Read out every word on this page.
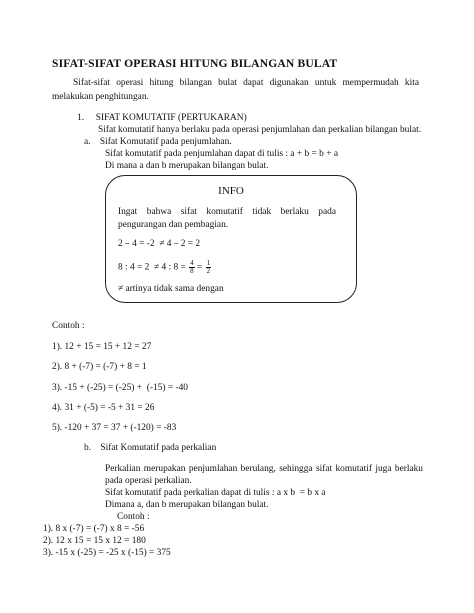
SIFAT-SIFAT OPERASI HITUNG BILANGAN BULAT
Sifat-sifat operasi hitung bilangan bulat dapat digunakan untuk mempermudah kita
melakukan penghitungan.
1.     SIFAT KOMUTATIF (PERTUKARAN)
Sifat komutatif hanya berlaku pada operasi penjumlahan dan perkalian bilangan bulat.
a.    Sifat Komutatif pada penjumlahan.
Sifat komutatif pada penjumlahan dapat di tulis : a + b = b + a
Di mana a dan b merupakan bilangan bulat.
INFO
Ingat bahwa sifat komutatif tidak berlaku pada
pengurangan dan pembagian.
2 – 4 = -2  ≠ 4 – 2 = 2
8 : 4 = 2  ≠ 4 : $8 = \frac{4}{8} = \frac{1}{2}$
≠ artinya tidak sama dengan
Contoh :
1). 12 + 15 = 15 + 12 = 27
2). 8 + (-7) = (-7) + 8 = 1
3). -15 + (-25) = (-25) +  (-15) = -40
4). 31 + (-5) = -5 + 31 = 26
5). -120 + 37 = 37 + (-120) = -83
b.    Sifat Komutatif pada perkalian
Perkalian merupakan penjumlahan berulang, sehingga sifat komutatif juga berlaku
pada operasi perkalian.
Sifat komutatif pada perkalian dapat di tulis : a x b  = b x a
Dimana a, dan b merupakan bilangan bulat.
Contoh :
1). 8 x (-7) = (-7) x 8 = -56
2). 12 x 15 = 15 x 12 = 180
3). -15 x (-25) = -25 x (-15) = 375
